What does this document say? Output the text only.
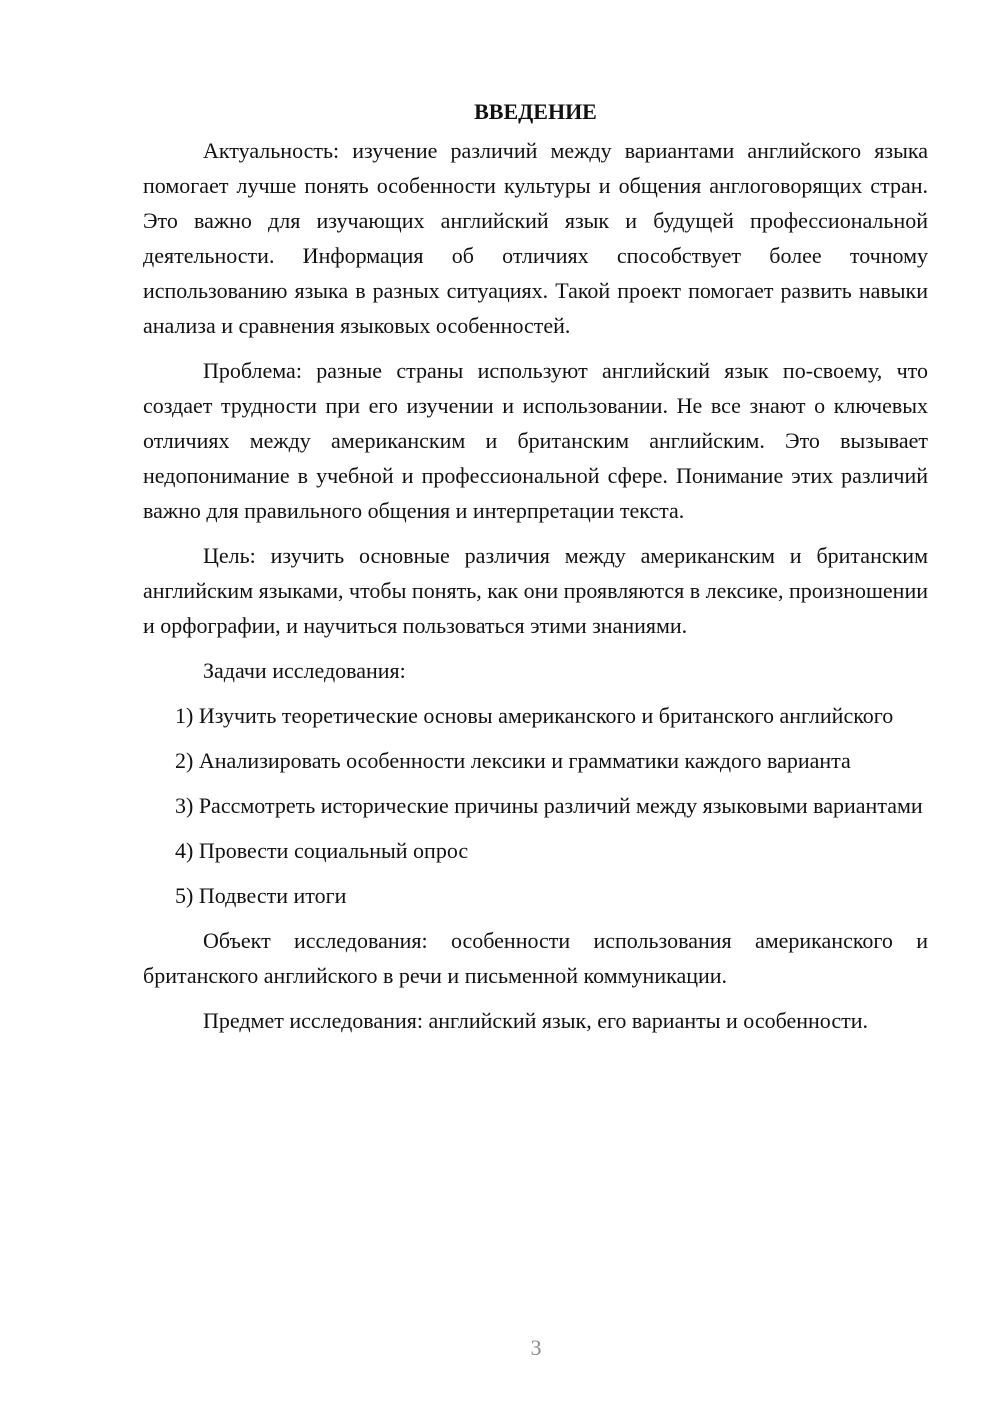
ВВЕДЕНИЕ

Актуальность: изучение различий между вариантами английского языка помогает лучше понять особенности культуры и общения англоговорящих стран. Это важно для изучающих английский язык и будущей профессиональной деятельности. Информация об отличиях способствует более точному использованию языка в разных ситуациях. Такой проект помогает развить навыки анализа и сравнения языковых особенностей.

Проблема: разные страны используют английский язык по-своему, что создает трудности при его изучении и использовании. Не все знают о ключевых отличиях между американским и британским английским. Это вызывает недопонимание в учебной и профессиональной сфере. Понимание этих различий важно для правильного общения и интерпретации текста.

Цель: изучить основные различия между американским и британским английским языками, чтобы понять, как они проявляются в лексике, произношении и орфографии, и научиться пользоваться этими знаниями.

Задачи исследования:

1) Изучить теоретические основы американского и британского английского

2) Анализировать особенности лексики и грамматики каждого варианта

3) Рассмотреть исторические причины различий между языковыми вариантами

4) Провести социальный опрос

5) Подвести итоги

Объект исследования: особенности использования американского и британского английского в речи и письменной коммуникации.

Предмет исследования: английский язык, его варианты и особенности.

3
